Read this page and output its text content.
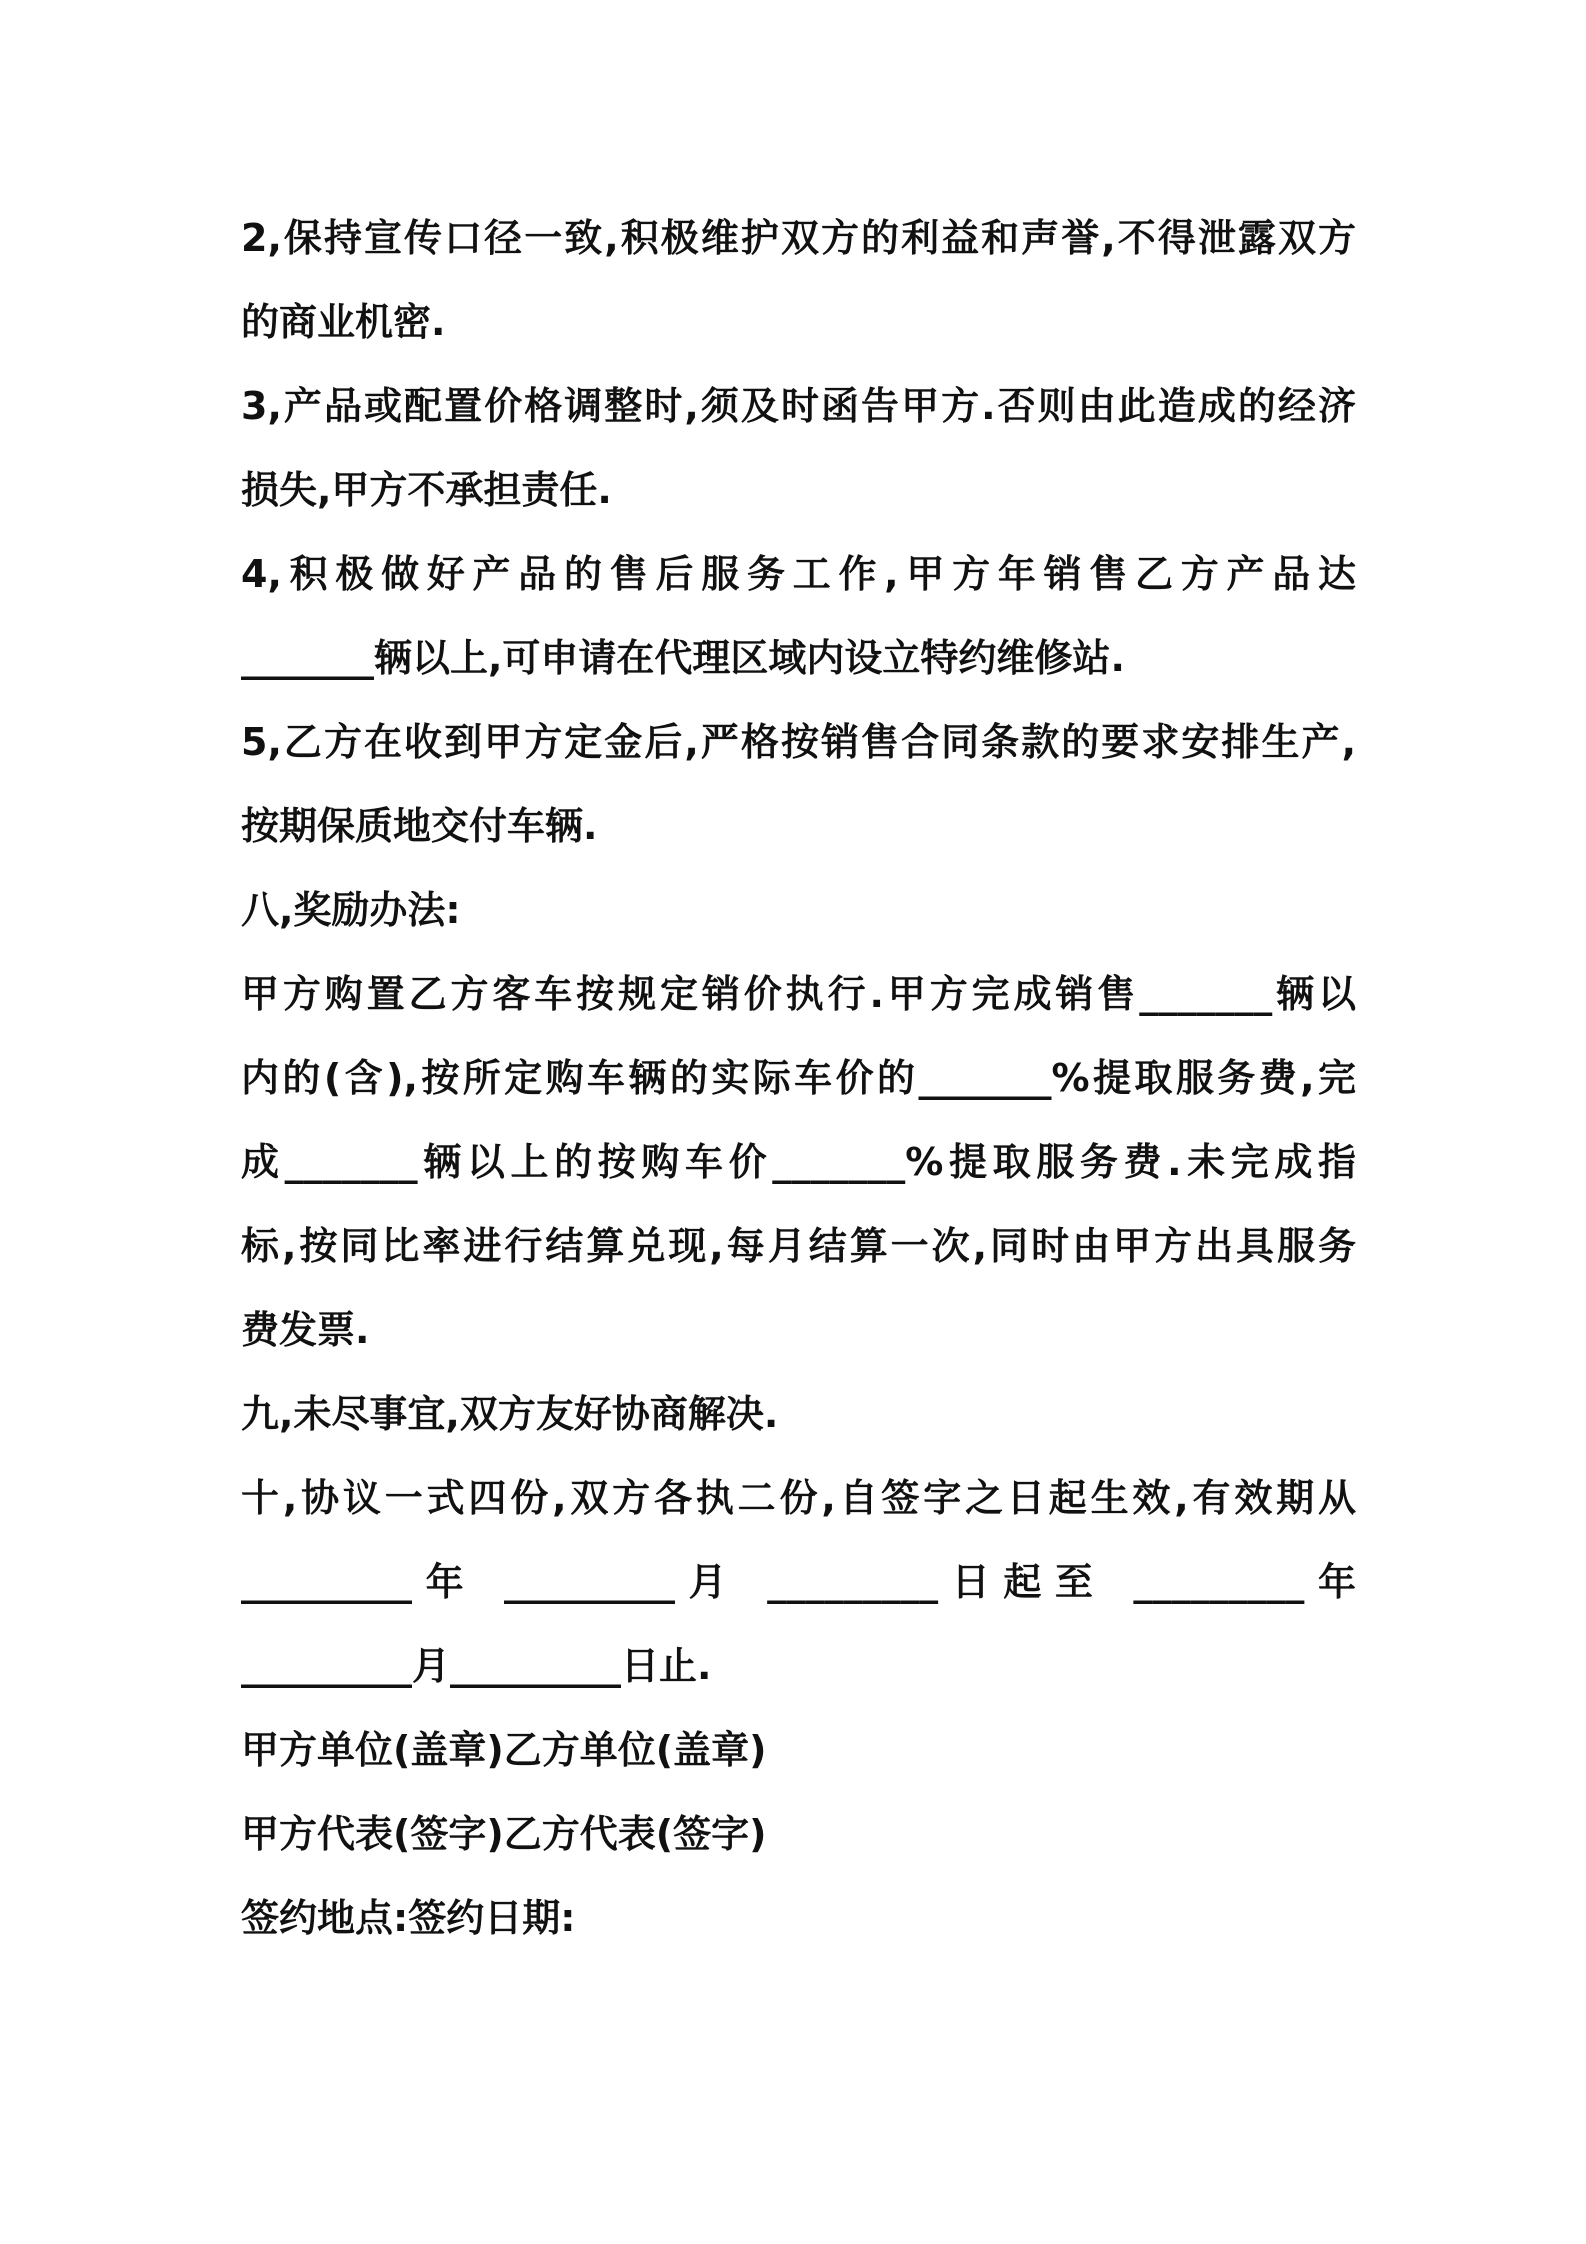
2,保持宣传口径一致,积极维护双方的利益和声誉,不得泄露双方
的商业机密.
3,产品或配置价格调整时,须及时函告甲方.否则由此造成的经济
损失,甲方不承担责任.
4,积极做好产品的售后服务工作,甲方年销售乙方产品达
_______辆以上,可申请在代理区域内设立特约维修站.
5,乙方在收到甲方定金后,严格按销售合同条款的要求安排生产,
按期保质地交付车辆.
八,奖励办法:
甲方购置乙方客车按规定销价执行.甲方完成销售_______辆以
内的(含),按所定购车辆的实际车价的_______%提取服务费,完
成_______辆以上的按购车价_______%提取服务费.未完成指
标,按同比率进行结算兑现,每月结算一次,同时由甲方出具服务
费发票.
九,未尽事宜,双方友好协商解决.
十,协议一式四份,双方各执二份,自签字之日起生效,有效期从
_________年 _________月 _________日起至 _________年
_________月_________日止.
甲方单位(盖章)乙方单位(盖章)
甲方代表(签字)乙方代表(签字)
签约地点:签约日期:
